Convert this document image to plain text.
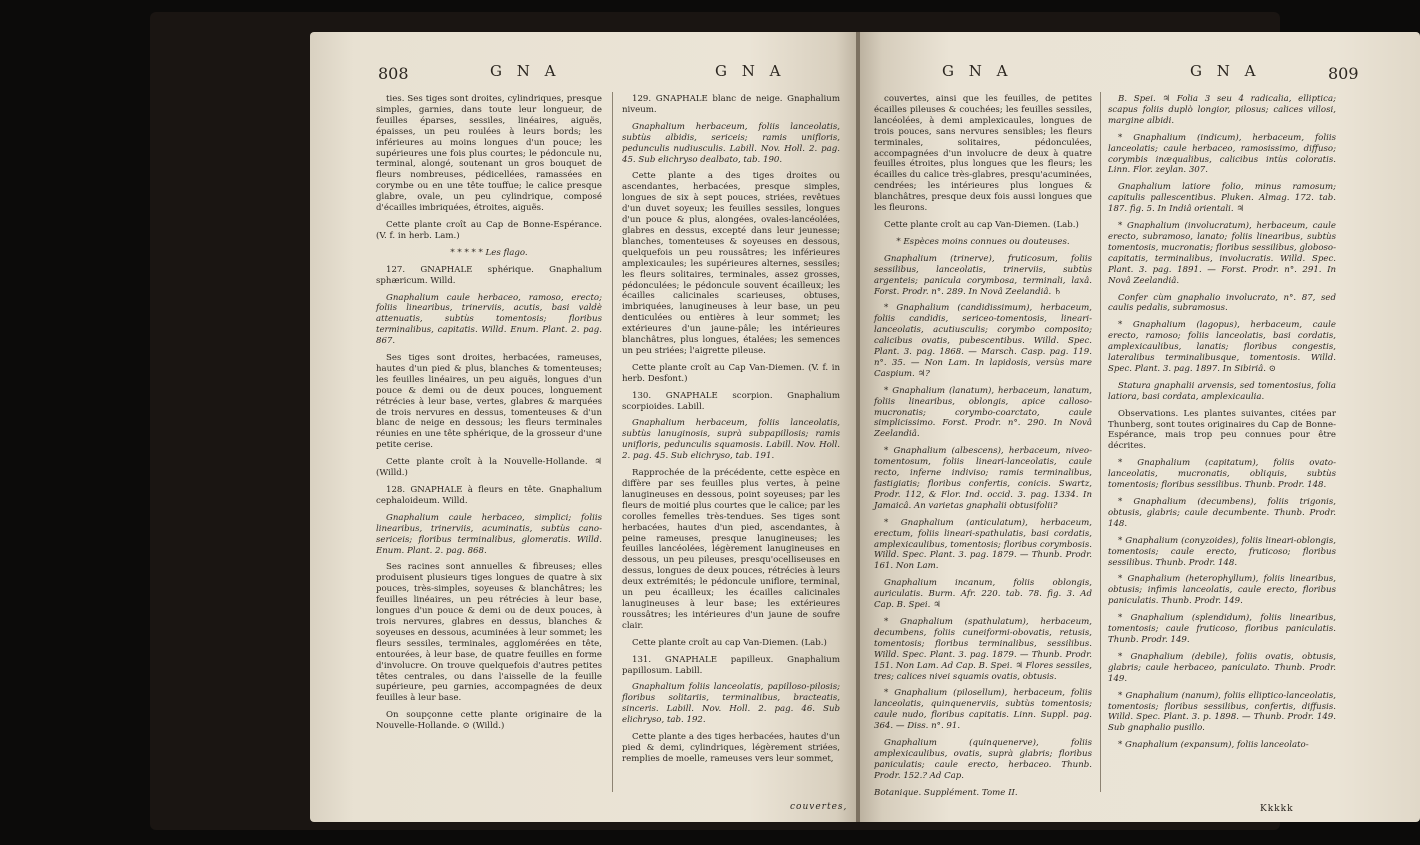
808	G N A	G N A

ties. Ses tiges sont droites, cylindriques, presque simples, garnies, dans toute leur longueur, de feuilles éparses, sessiles, linéaires, aiguës, épaisses, un peu roulées à leurs bords; les inférieures au moins longues d'un pouce; les supérieures une fois plus courtes; le pédoncule nu, terminal, alongé, soutenant un gros bouquet de fleurs nombreuses, pédicellées, ramassées en corymbe ou en une tête touffue; le calice presque glabre, ovale, un peu cylindrique, composé d'écailles imbriquées, étroites, aiguës.

Cette plante croît au Cap de Bonne-Espérance. (V. f. in herb. Lam.)

* * * * * Les flago.

127. GNAPHALE sphérique. Gnaphalium sphæricum. Willd.

Gnaphalium caule herbaceo, ramoso, erecto; foliis linearibus, trinerviis, acutis, basi valdè attenuatis, subtùs tomentosis; floribus terminalibus, capitatis. Willd. Enum. Plant. 2. pag. 867.

Ses tiges sont droites, herbacées, rameuses, hautes d'un pied & plus, blanches & tomenteuses; les feuilles linéaires, un peu aiguës, longues d'un pouce & demi ou de deux pouces, longuement rétrécies à leur base, vertes, glabres & marquées de trois nervures en dessus, tomenteuses & d'un blanc de neige en dessous; les fleurs terminales réunies en une tête sphérique, de la grosseur d'une petite cerise.

Cette plante croît à la Nouvelle-Hollande. ♃ (Willd.)

128. GNAPHALE à fleurs en tête. Gnaphalium cephaloideum. Willd.

Gnaphalium caule herbaceo, simplici; foliis linearibus, trinerviis, acuminatis, subtùs cano-sericeis; floribus terminalibus, glomeratis. Willd. Enum. Plant. 2. pag. 868.

Ses racines sont annuelles & fibreuses; elles produisent plusieurs tiges longues de quatre à six pouces, très-simples, soyeuses & blanchâtres; les feuilles linéaires, un peu rétrécies à leur base, longues d'un pouce & demi ou de deux pouces, à trois nervures, glabres en dessus, blanches & soyeuses en dessous, acuminées à leur sommet; les fleurs sessiles, terminales, agglomérées en tête, entourées, à leur base, de quatre feuilles en forme d'involucre. On trouve quelquefois d'autres petites têtes centrales, ou dans l'aisselle de la feuille supérieure, peu garnies, accompagnées de deux feuilles à leur base.

On soupçonne cette plante originaire de la Nouvelle-Hollande. ⊙ (Willd.)

129. GNAPHALE blanc de neige. Gnaphalium niveum.

Gnaphalium herbaceum, foliis lanceolatis, subtùs albidis, sericeis; ramis unifloris, pedunculis nudiusculis. Labill. Nov. Holl. 2. pag. 45. Sub elichryso dealbato, tab. 190.

Cette plante a des tiges droites ou ascendantes, herbacées, presque simples, longues de six à sept pouces, striées, revêtues d'un duvet soyeux; les feuilles sessiles, longues d'un pouce & plus, alongées, ovales-lancéolées, glabres en dessus, excepté dans leur jeunesse; blanches, tomenteuses & soyeuses en dessous, quelquefois un peu roussâtres; les inférieures amplexicaules; les supérieures alternes, sessiles; les fleurs solitaires, terminales, assez grosses, pédonculées; le pédoncule souvent écailleux; les écailles calicinales scarieuses, obtuses, imbriquées, lanugineuses à leur base, un peu denticulées ou entières à leur sommet; les extérieures d'un jaune-pâle; les intérieures blanchâtres, plus longues, étalées; les semences un peu striées; l'aigrette pileuse.

Cette plante croît au Cap Van-Diemen. (V. f. in herb. Desfont.)

130. GNAPHALE scorpion. Gnaphalium scorpioides. Labill.

Gnaphalium herbaceum, foliis lanceolatis, subtùs lanuginosis, suprà subpapillosis; ramis unifloris, pedunculis squamosis. Labill. Nov. Holl. 2. pag. 45. Sub elichryso, tab. 191.

Rapprochée de la précédente, cette espèce en diffère par ses feuilles plus vertes, à peine lanugineuses en dessous, point soyeuses; par les fleurs de moitié plus courtes que le calice; par les corolles femelles très-tendues. Ses tiges sont herbacées, hautes d'un pied, ascendantes, à peine rameuses, presque lanugineuses; les feuilles lancéolées, légèrement lanugineuses en dessous, un peu pileuses, presqu'ocelliseuses en dessus, longues de deux pouces, rétrécies à leurs deux extrémités; le pédoncule uniflore, terminal, un peu écailleux; les écailles calicinales lanugineuses à leur base; les extérieures roussâtres; les intérieures d'un jaune de soufre clair.

Cette plante croît au cap Van-Diemen. (Lab.)

131. GNAPHALE papilleux. Gnaphalium papillosum. Labill.

Gnaphalium foliis lanceolatis, papilloso-pilosis; floribus solitariis, terminalibus, bracteatis, sinceris. Labill. Nov. Holl. 2. pag. 46. Sub elichryso, tab. 192.

Cette plante a des tiges herbacées, hautes d'un pied & demi, cylindriques, légèrement striées, remplies de moelle, rameuses vers leur sommet,

couvertes,
G N A	G N A	809

couvertes, ainsi que les feuilles, de petites écailles pileuses & couchées; les feuilles sessiles, lancéolées, à demi amplexicaules, longues de trois pouces, sans nervures sensibles; les fleurs terminales, solitaires, pédonculées, accompagnées d'un involucre de deux à quatre feuilles étroites, plus longues que les fleurs; les écailles du calice très-glabres, presqu'acuminées, cendrées; les intérieures plus longues & blanchâtres, presque deux fois aussi longues que les fleurons.

Cette plante croît au cap Van-Diemen. (Lab.)

* Espèces moins connues ou douteuses.

Gnaphalium (trinerve), fruticosum, foliis sessilibus, lanceolatis, trinerviis, subtùs argenteis; panicula corymbosa, terminali, laxâ. Forst. Prodr. n°. 289. In Novâ Zeelandiâ. ♄

* Gnaphalium (candidissimum), herbaceum, foliis candidis, sericeo-tomentosis, lineari-lanceolatis, acutiusculis; corymbo composito; calicibus ovatis, pubescentibus. Willd. Spec. Plant. 3. pag. 1868. — Marsch. Casp. pag. 119. n°. 35. — Non Lam. In lapidosis, versùs mare Caspium. ♃?

* Gnaphalium (lanatum), herbaceum, lanatum, foliis linearibus, oblongis, apice calloso-mucronatis; corymbo-coarctato, caule simplicissimo. Forst. Prodr. n°. 290. In Novâ Zeelandiâ.

* Gnaphalium (albescens), herbaceum, niveo-tomentosum, foliis lineari-lanceolatis, caule recto, inferne indiviso; ramis terminalibus, fastigiatis; floribus confertis, conicis. Swartz, Prodr. 112, & Flor. Ind. occid. 3. pag. 1334. In Jamaicâ. An varietas gnaphalii obtusifolii?

* Gnaphalium (anticulatum), herbaceum, erectum, foliis lineari-spathulatis, basi cordatis, amplexicaulibus, tomentosis; floribus corymbosis. Willd. Spec. Plant. 3. pag. 1879. — Thunb. Prodr. 161. Non Lam.

Gnaphalium incanum, foliis oblongis, auriculatis. Burm. Afr. 220. tab. 78. fig. 3. Ad Cap. B. Spei. ♃

* Gnaphalium (spathulatum), herbaceum, decumbens, foliis cuneiformi-obovatis, retusis, tomentosis; floribus terminalibus, sessilibus. Willd. Spec. Plant. 3. pag. 1879. — Thunb. Prodr. 151. Non Lam. Ad Cap. B. Spei. ♃ Flores sessiles, tres; calices nivei squamis ovatis, obtusis.

* Gnaphalium (pilosellum), herbaceum, foliis lanceolatis, quinquenerviis, subtùs tomentosis; caule nudo, floribus capitatis. Linn. Suppl. pag. 364. — Diss. n°. 91.

Gnaphalium (quinquenerve), foliis amplexicaulibus, ovatis, suprà glabris; floribus paniculatis; caule erecto, herbaceo. Thunb. Prodr. 152.? Ad Cap.

Botanique. Supplément. Tome II.

B. Spei. ♃ Folia 3 seu 4 radicalia, elliptica; scapus foliis duplò longior, pilosus; calices villosi, margine albidi.

* Gnaphalium (indicum), herbaceum, foliis lanceolatis; caule herbaceo, ramosissimo, diffuso; corymbis inæqualibus, calicibus intùs coloratis. Linn. Flor. zeylan. 307.

Gnaphalium latiore folio, minus ramosum; capitulis pallescentibus. Pluken. Almag. 172. tab. 187. fig. 5. In Indiâ orientali. ♃

* Gnaphalium (involucratum), herbaceum, caule erecto, subramoso, lanato; foliis linearibus, subtùs tomentosis, mucronatis; floribus sessilibus, globoso-capitatis, terminalibus, involucratis. Willd. Spec. Plant. 3. pag. 1891. — Forst. Prodr. n°. 291. In Novâ Zeelandiâ.

Confer cùm gnaphalio involucrato, n°. 87, sed caulis pedalis, subramosus.

* Gnaphalium (lagopus), herbaceum, caule erecto, ramoso; foliis lanceolatis, basi cordatis, amplexicaulibus, lanatis; floribus congestis, lateralibus terminalibusque, tomentosis. Willd. Spec. Plant. 3. pag. 1897. In Sibiriâ. ⊙

Statura gnaphalii arvensis, sed tomentosius, folia latiora, basi cordata, amplexicaulia.

Observations. Les plantes suivantes, citées par Thunberg, sont toutes originaires du Cap de Bonne-Espérance, mais trop peu connues pour être décrites.

* Gnaphalium (capitatum), foliis ovato-lanceolatis, mucronatis, obliquis, subtùs tomentosis; floribus sessilibus. Thunb. Prodr. 148.

* Gnaphalium (decumbens), foliis trigonis, obtusis, glabris; caule decumbente. Thunb. Prodr. 148.

* Gnaphalium (conyzoides), foliis lineari-oblongis, tomentosis; caule erecto, fruticoso; floribus sessilibus. Thunb. Prodr. 148.

* Gnaphalium (heterophyllum), foliis linearibus, obtusis; infimis lanceolatis, caule erecto, floribus paniculatis. Thunb. Prodr. 149.

* Gnaphalium (splendidum), foliis linearibus, tomentosis; caule fruticoso, floribus paniculatis. Thunb. Prodr. 149.

* Gnaphalium (debile), foliis ovatis, obtusis, glabris; caule herbaceo, paniculato. Thunb. Prodr. 149.

* Gnaphalium (nanum), foliis elliptico-lanceolatis, tomentosis; floribus sessilibus, confertis, diffusis. Willd. Spec. Plant. 3. p. 1898. — Thunb. Prodr. 149. Sub gnaphalio pusillo.

* Gnaphalium (expansum), foliis lanceolato-

Kkkkk
